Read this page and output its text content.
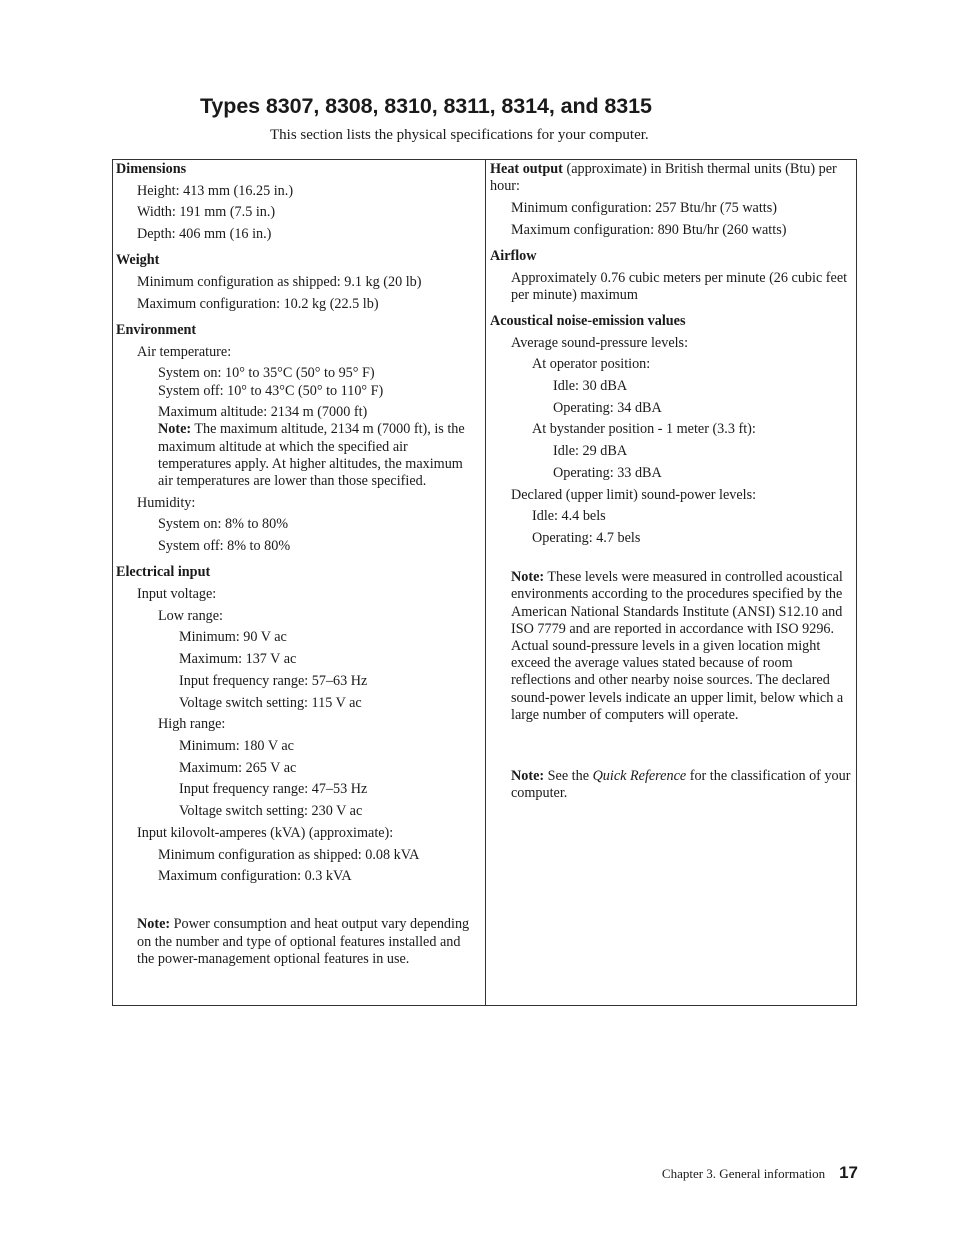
Types 8307, 8308, 8310, 8311, 8314, and 8315
This section lists the physical specifications for your computer.
Dimensions
Height: 413 mm (16.25 in.)
Width: 191 mm (7.5 in.)
Depth: 406 mm (16 in.)
Weight
Minimum configuration as shipped: 9.1 kg (20 lb)
Maximum configuration: 10.2 kg (22.5 lb)
Environment
Air temperature:
System on: 10° to 35°C (50° to 95° F)
System off: 10° to 43°C (50° to 110° F)
Maximum altitude: 2134 m (7000 ft)
Note: The maximum altitude, 2134 m (7000 ft), is the maximum altitude at which the specified air temperatures apply. At higher altitudes, the maximum air temperatures are lower than those specified.
Humidity:
System on: 8% to 80%
System off: 8% to 80%
Electrical input
Input voltage:
Low range:
Minimum: 90 V ac
Maximum: 137 V ac
Input frequency range: 57–63 Hz
Voltage switch setting: 115 V ac
High range:
Minimum: 180 V ac
Maximum: 265 V ac
Input frequency range: 47–53 Hz
Voltage switch setting: 230 V ac
Input kilovolt-amperes (kVA) (approximate):
Minimum configuration as shipped: 0.08 kVA
Maximum configuration: 0.3 kVA
Note: Power consumption and heat output vary depending on the number and type of optional features installed and the power-management optional features in use.
Heat output (approximate) in British thermal units (Btu) per hour:
Minimum configuration: 257 Btu/hr (75 watts)
Maximum configuration: 890 Btu/hr (260 watts)
Airflow
Approximately 0.76 cubic meters per minute (26 cubic feet per minute) maximum
Acoustical noise-emission values
Average sound-pressure levels:
At operator position:
Idle: 30 dBA
Operating: 34 dBA
At bystander position - 1 meter (3.3 ft):
Idle: 29 dBA
Operating: 33 dBA
Declared (upper limit) sound-power levels:
Idle: 4.4 bels
Operating: 4.7 bels
Note: These levels were measured in controlled acoustical environments according to the procedures specified by the American National Standards Institute (ANSI) S12.10 and ISO 7779 and are reported in accordance with ISO 9296. Actual sound-pressure levels in a given location might exceed the average values stated because of room reflections and other nearby noise sources. The declared sound-power levels indicate an upper limit, below which a large number of computers will operate.
Note: See the Quick Reference for the classification of your computer.
Chapter 3. General information 17
